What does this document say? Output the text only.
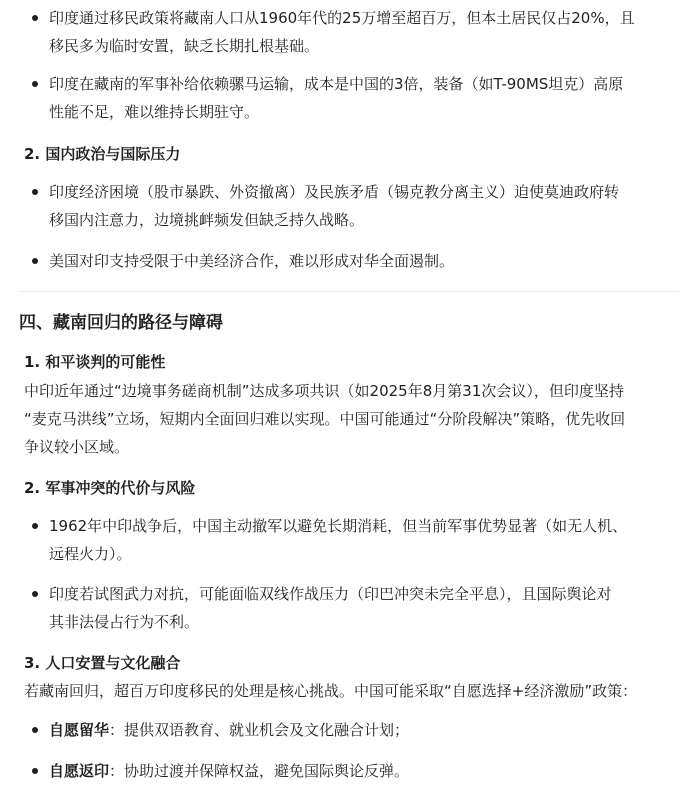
印度通过移民政策将藏南人口从1960年代的25万增至超百万，但本土居民仅占20%，且
移民多为临时安置，缺乏长期扎根基础。
印度在藏南的军事补给依赖骡马运输，成本是中国的3倍，装备（如T-90MS坦克）高原
性能不足，难以维持长期驻守。
2. 国内政治与国际压力
印度经济困境（股市暴跌、外资撤离）及民族矛盾（锡克教分离主义）迫使莫迪政府转
移国内注意力，边境挑衅频发但缺乏持久战略。
美国对印支持受限于中美经济合作，难以形成对华全面遏制。
四、藏南回归的路径与障碍
1. 和平谈判的可能性
中印近年通过“边境事务磋商机制”达成多项共识（如2025年8月第31次会议），但印度坚持
“麦克马洪线”立场，短期内全面回归难以实现。中国可能通过“分阶段解决”策略，优先收回
争议较小区域。
2. 军事冲突的代价与风险
1962年中印战争后，中国主动撤军以避免长期消耗，但当前军事优势显著（如无人机、
远程火力）。
印度若试图武力对抗，可能面临双线作战压力（印巴冲突未完全平息），且国际舆论对
其非法侵占行为不利。
3. 人口安置与文化融合
若藏南回归，超百万印度移民的处理是核心挑战。中国可能采取“自愿选择+经济激励”政策：
自愿留华：提供双语教育、就业机会及文化融合计划；
自愿返印：协助过渡并保障权益，避免国际舆论反弹。
